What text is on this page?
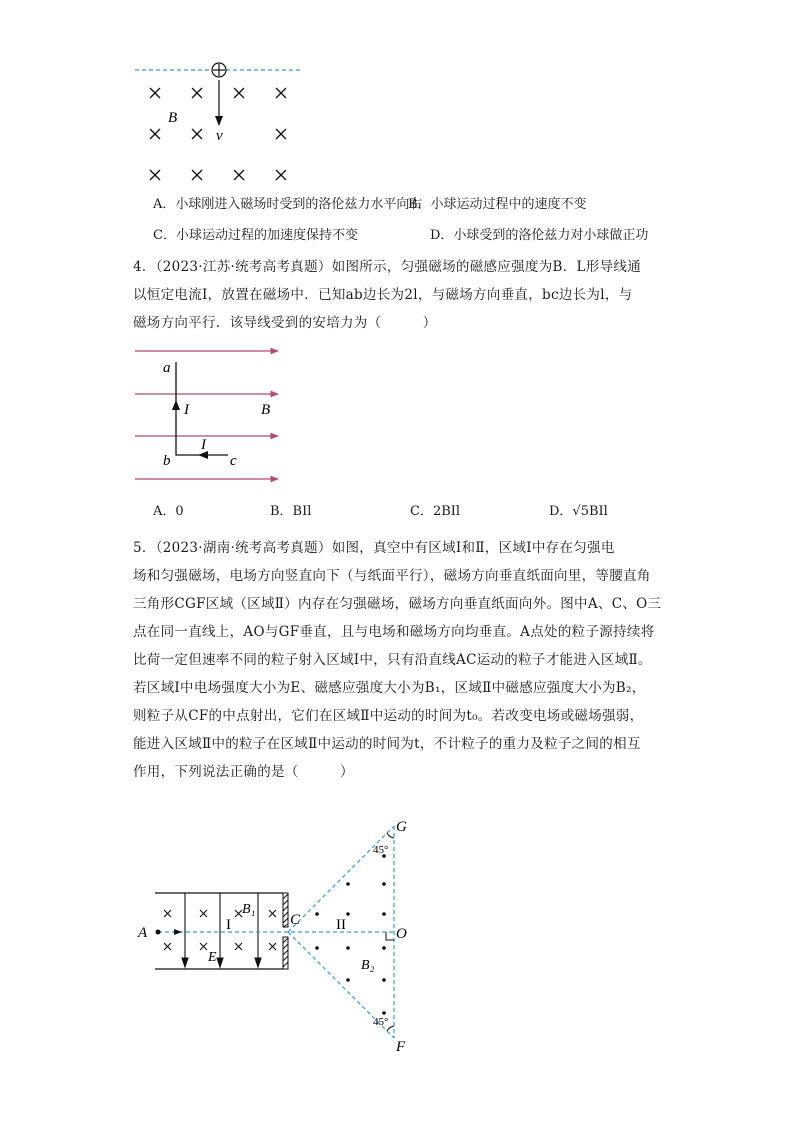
B
v
A．小球刚进入磁场时受到的洛伦兹力水平向右
B．小球运动过程中的速度不变
C．小球运动过程的加速度保持不变	D．小球受到的洛伦兹力对小球做正功
4．（2023·江苏·统考高考真题）如图所示，匀强磁场的磁感应强度为B．L形导线通
以恒定电流I，放置在磁场中．已知ab边长为2l，与磁场方向垂直，bc边长为l，与
磁场方向平行．该导线受到的安培力为（　　　）
a
b	c
I
I
B
A．0	B．BIl	C．2BIl	D．√5BIl
5．（2023·湖南·统考高考真题）如图，真空中有区域Ⅰ和Ⅱ，区域Ⅰ中存在匀强电
场和匀强磁场，电场方向竖直向下（与纸面平行），磁场方向垂直纸面向里，等腰直角
三角形CGF区域（区域Ⅱ）内存在匀强磁场，磁场方向垂直纸面向外。图中A、C、O三
点在同一直线上，AO与GF垂直，且与电场和磁场方向均垂直。A点处的粒子源持续将
比荷一定但速率不同的粒子射入区域Ⅰ中，只有沿直线AC运动的粒子才能进入区域Ⅱ。
若区域Ⅰ中电场强度大小为E、磁感应强度大小为B₁，区域Ⅱ中磁感应强度大小为B₂，
则粒子从CF的中点射出，它们在区域Ⅱ中运动的时间为t₀。若改变电场或磁场强弱，
能进入区域Ⅱ中的粒子在区域Ⅱ中运动的时间为t，不计粒子的重力及粒子之间的相互
作用，下列说法正确的是（　　　）
G
F
A
C
O
I	II
B₁
B₂
E
45°
45°
